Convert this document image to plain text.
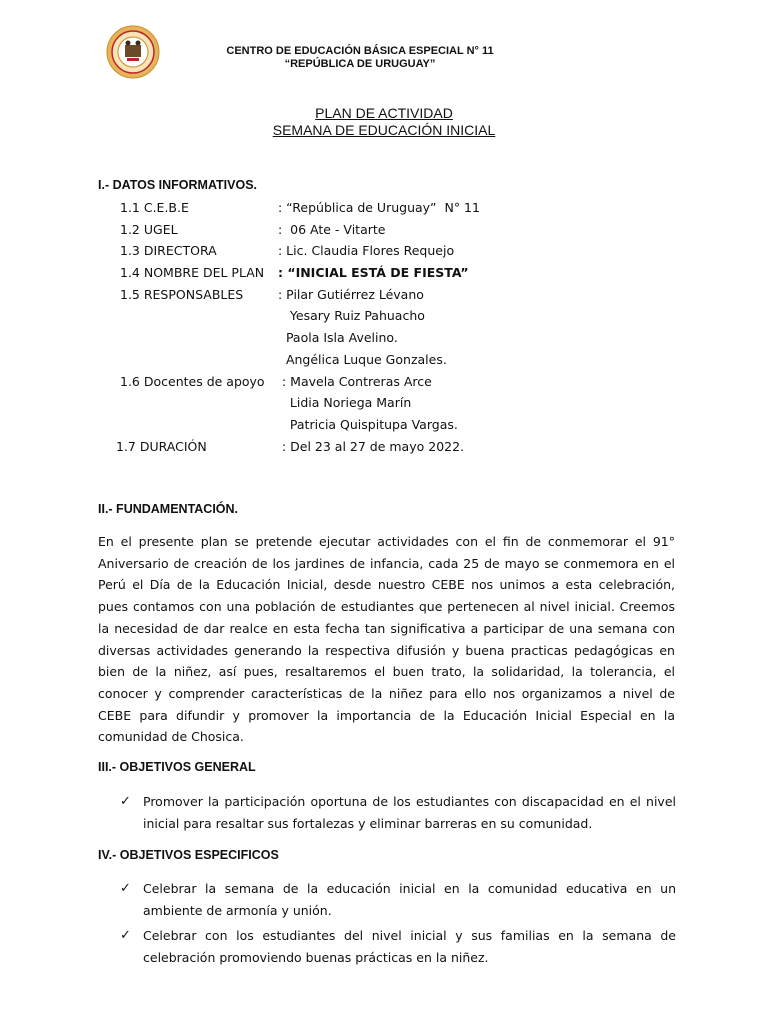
CENTRO DE EDUCACIÓN BÁSICA ESPECIAL N° 11
“REPÚBLICA DE URUGUAY”
PLAN DE ACTIVIDAD
SEMANA DE EDUCACIÓN INICIAL
I.- DATOS INFORMATIVOS.
1.1 C.E.B.E	: “República de Uruguay”  N° 11
1.2 UGEL	:  06 Ate - Vitarte
1.3 DIRECTORA	: Lic. Claudia Flores Requejo
1.4 NOMBRE DEL PLAN : “INICIAL ESTÁ DE FIESTA”
1.5 RESPONSABLES	: Pilar Gutiérrez Lévano
Yesary Ruiz Pahuacho
Paola Isla Avelino.
Angélica Luque Gonzales.
1.6 Docentes de apoyo : Mavela Contreras Arce
Lidia Noriega Marín
Patricia Quispitupa Vargas.
1.7 DURACIÓN	: Del 23 al 27 de mayo 2022.
II.- FUNDAMENTACIÓN.

En el presente plan se pretende ejecutar actividades con el fin de conmemorar el 91° Aniversario de creación de los jardines de infancia, cada 25 de mayo se conmemora en el Perú el Día de la Educación Inicial, desde nuestro CEBE nos unimos a esta celebración, pues contamos con una población de estudiantes que pertenecen al nivel inicial. Creemos la necesidad de dar realce en esta fecha tan significativa a participar de una semana con diversas actividades generando la respectiva difusión y buena practicas pedagógicas en bien de la niñez, así pues, resaltaremos el buen trato, la solidaridad, la tolerancia, el conocer y comprender características de la niñez para ello nos organizamos a nivel de CEBE para difundir y promover la importancia de la Educación Inicial Especial en la comunidad de Chosica.

III.- OBJETIVOS GENERAL
✓ Promover la participación oportuna de los estudiantes con discapacidad en el nivel inicial para resaltar sus fortalezas y eliminar barreras en su comunidad.
IV.- OBJETIVOS ESPECIFICOS
✓ Celebrar la semana de la educación inicial en la comunidad educativa en un ambiente de armonía y unión.
✓ Celebrar con los estudiantes del nivel inicial y sus familias en la semana de celebración promoviendo buenas prácticas en la niñez.
